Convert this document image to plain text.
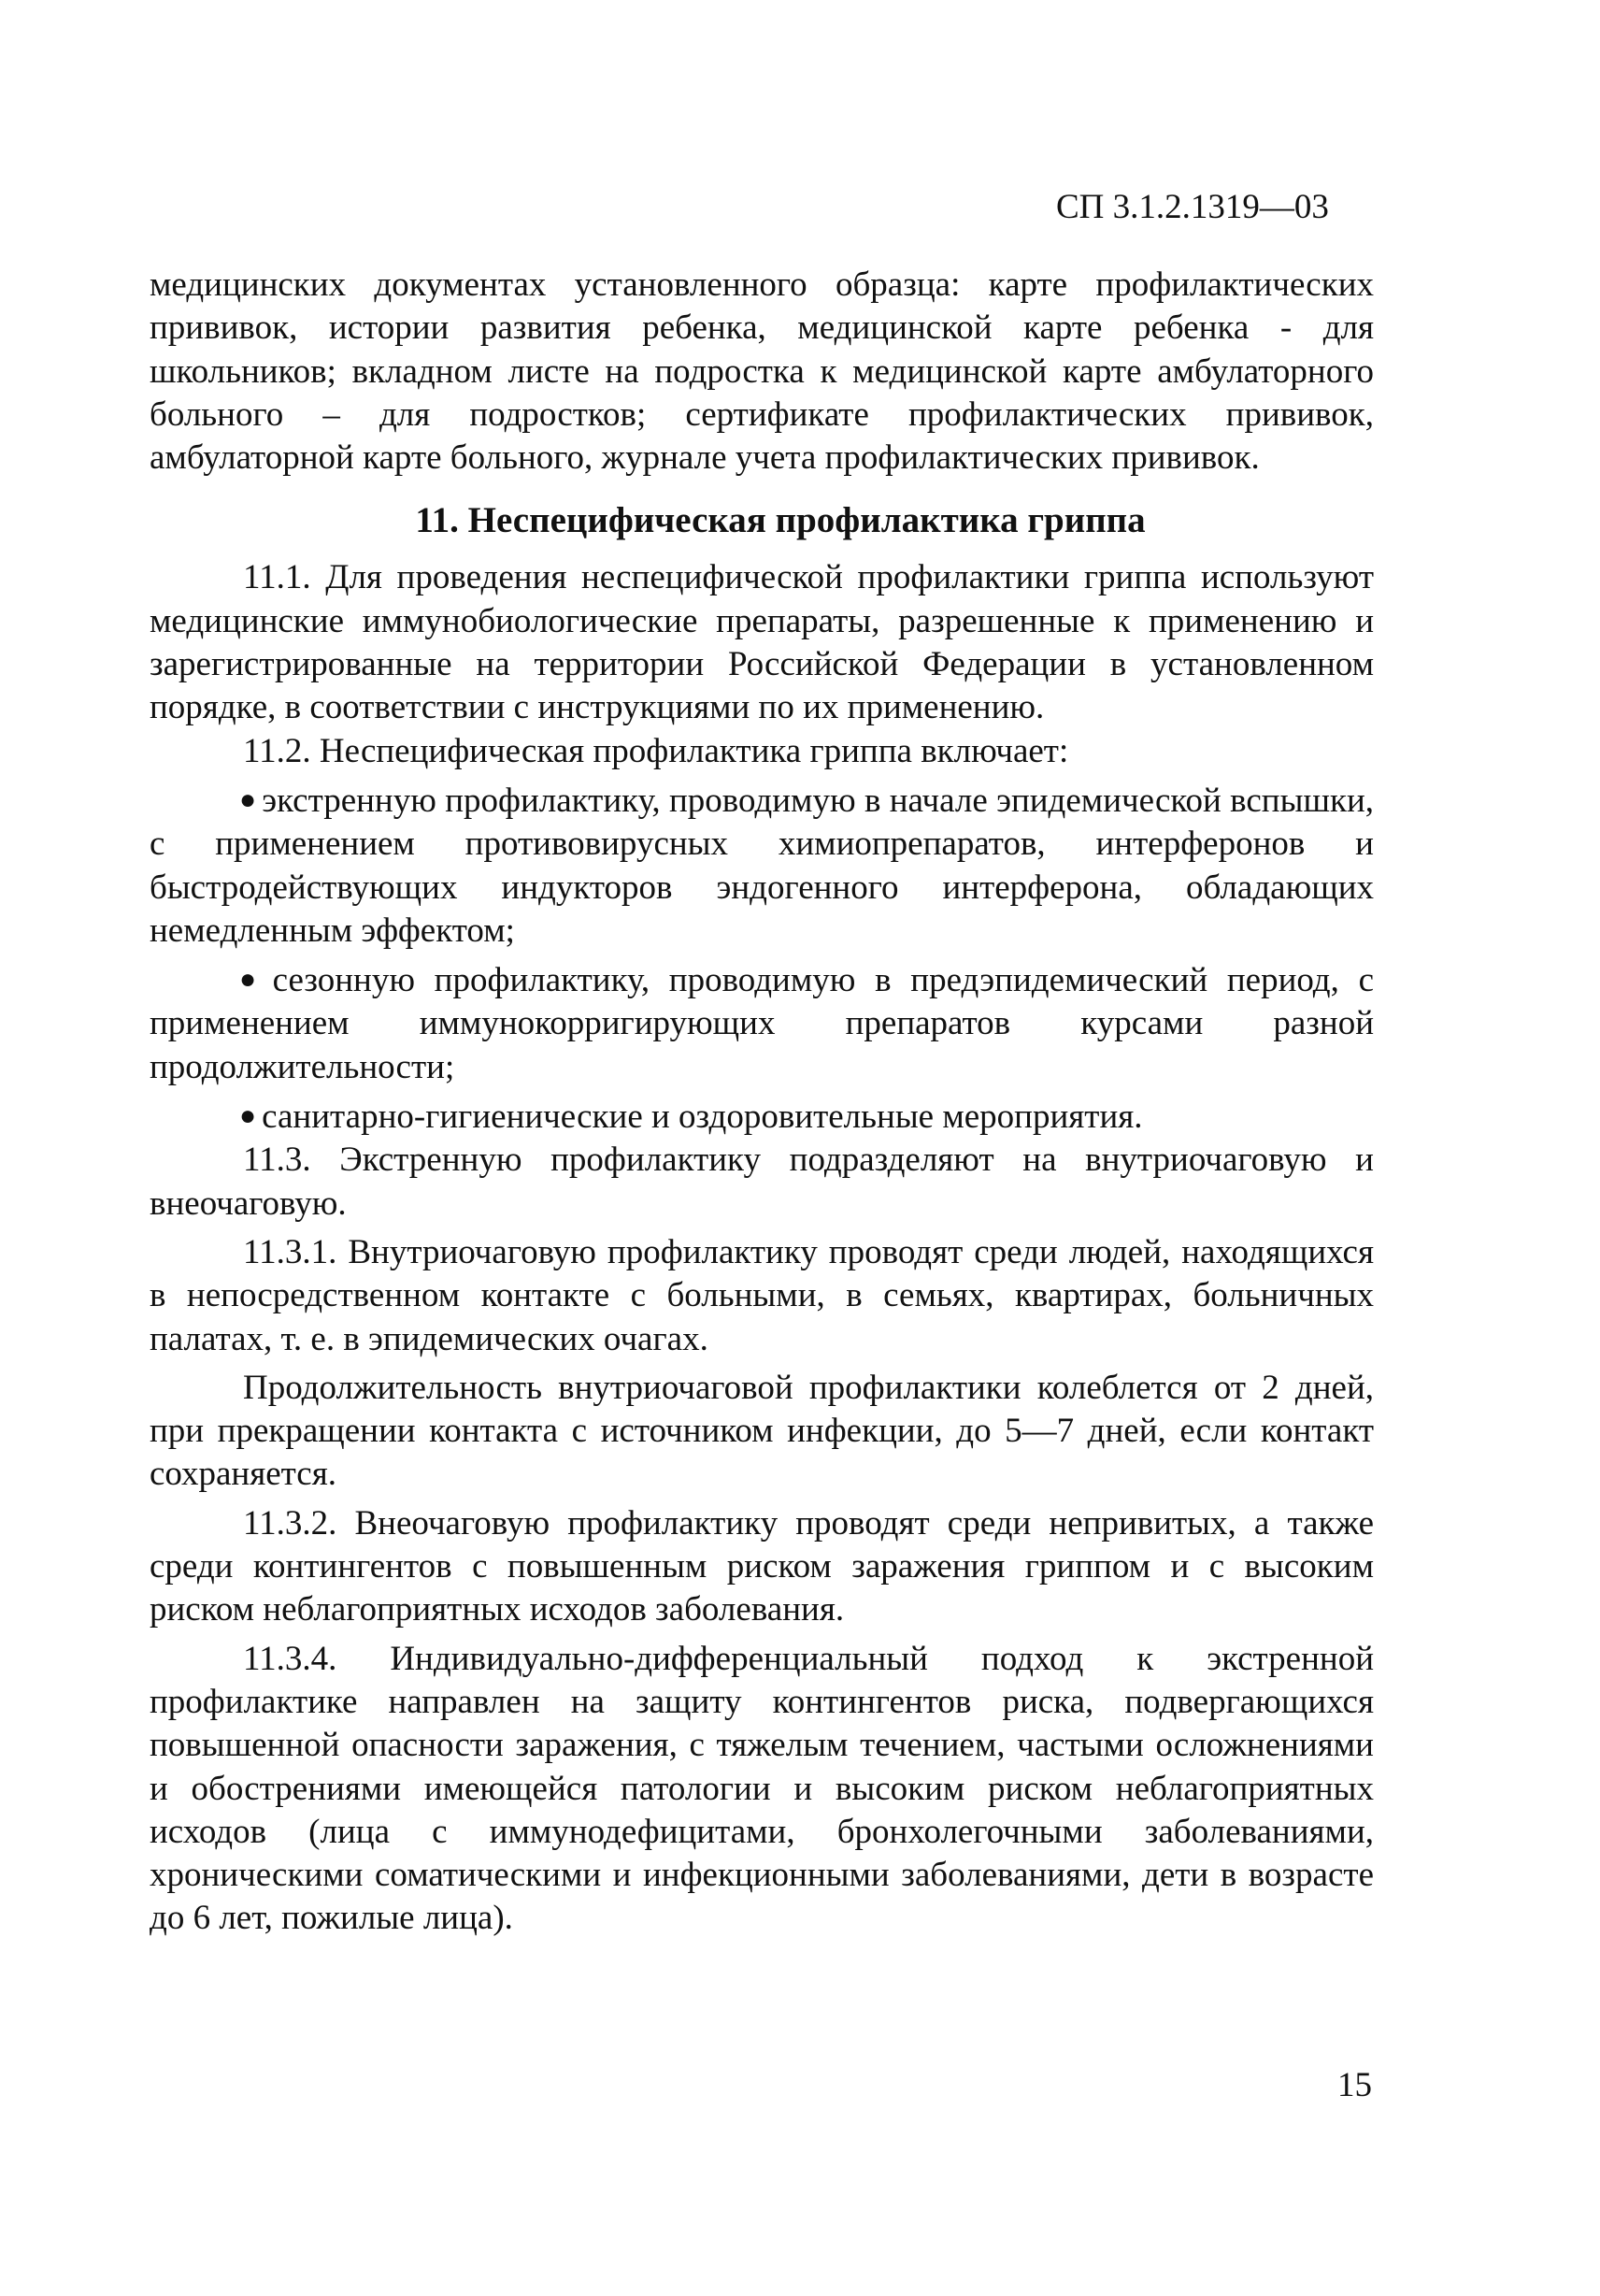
СП 3.1.2.1319—03

медицинских документах установленного образца: карте профилактических прививок, истории развития ребенка, медицинской карте ребенка - для школьников; вкладном листе на подростка к медицинской карте амбулаторного больного – для подростков; сертификате профилактических прививок, амбулаторной карте больного, журнале учета профилактических прививок.

11. Неспецифическая профилактика гриппа

11.1. Для проведения неспецифической профилактики гриппа используют медицинские иммунобиологические препараты, разрешенные к применению и зарегистрированные на территории Российской Федерации в установленном порядке, в соответствии с инструкциями по их применению.

11.2. Неспецифическая профилактика гриппа включает:

● экстренную профилактику, проводимую в начале эпидемической вспышки, с применением противовирусных химиопрепаратов, интерферонов и быстродействующих индукторов эндогенного интерферона, обладающих немедленным эффектом;

● сезонную профилактику, проводимую в предэпидемический период, с применением иммунокорригирующих препаратов курсами разной продолжительности;

● санитарно-гигиенические и оздоровительные мероприятия.

11.3. Экстренную профилактику подразделяют на внутриочаговую и внеочаговую.

11.3.1. Внутриочаговую профилактику проводят среди людей, находящихся в непосредственном контакте с больными, в семьях, квартирах, больничных палатах, т. е. в эпидемических очагах.

Продолжительность внутриочаговой профилактики колеблется от 2 дней, при прекращении контакта с источником инфекции, до 5—7 дней, если контакт сохраняется.

11.3.2. Внеочаговую профилактику проводят среди непривитых, а также среди контингентов с повышенным риском заражения гриппом и с высоким риском неблагоприятных исходов заболевания.

11.3.4. Индивидуально-дифференциальный подход к экстренной профилактике направлен на защиту контингентов риска, подвергающихся повышенной опасности заражения, с тяжелым течением, частыми осложнениями и обострениями имеющейся патологии и высоким риском неблагоприятных исходов (лица с иммунодефицитами, бронхолегочными заболеваниями, хроническими соматическими и инфекционными заболеваниями, дети в возрасте до 6 лет, пожилые лица).

15
